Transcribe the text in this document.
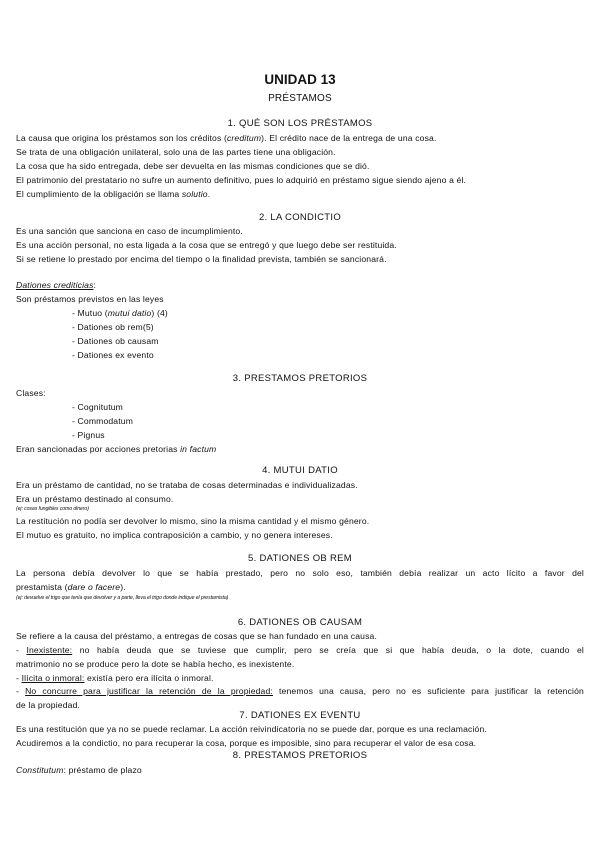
UNIDAD 13
PRÉSTAMOS
1. QUÉ SON LOS PRÉSTAMOS
La causa que origina los préstamos son los créditos (creditum). El crédito nace de la entrega de una cosa.
Se trata de una obligación unilateral, solo una de las partes tiene una obligación.
La cosa que ha sido entregada, debe ser devuelta en las mismas condiciones que se dió.
El patrimonio del prestatario no sufre un aumento definitivo, pues lo adquirió en préstamo sigue siendo ajeno a él.
El cumplimiento de la obligación se llama solutio.
2. LA CONDICTIO
Es una sanción que sanciona en caso de incumplimiento.
Es una acción personal, no esta ligada a la cosa que se entregó y que luego debe ser restituida.
Si se retiene lo prestado por encima del tiempo o la finalidad prevista, también se sancionará.
Dationes crediticias:
Son préstamos previstos en las leyes
- Mutuo (mutui datio) (4)
- Dationes ob rem(5)
- Dationes ob causam
- Dationes ex evento
3. PRESTAMOS PRETORIOS
Clases:
- Cognitutum
- Commodatum
- Pignus
Eran sancionadas por acciones pretorias in factum
4. MUTUI DATIO
Era un préstamo de cantidad, no se trataba de cosas determinadas e individualizadas.
Era un préstamo destinado al consumo.
(ej: cosas fungibles como dinero)
La restitución no podía ser devolver lo mismo, sino la misma cantidad y el mismo género.
El mutuo es gratuito, no implica contraposición a cambio, y no genera intereses.
5. DATIONES OB REM
La persona debía devolver lo que se había prestado, pero no solo eso, también debía realizar un acto lícito a favor del
prestamista (dare o facere).
(ej: devuelve el trigo que tenía que devolver y a parte, lleva el trigo donde indique el prestamista)
6. DATIONES OB CAUSAM
Se refiere a la causa del préstamo, a entregas de cosas que se han fundado en una causa.
- Inexistente: no había deuda que se tuviese que cumplir, pero se creía que si que había deuda, o la dote, cuando el
matrimonio no se produce pero la dote se había hecho, es inexistente.
- Ilícita o inmoral: existía pero era ilícita o inmoral.
- No concurre para justificar la retención de la propiedad: tenemos una causa, pero no es suficiente para justificar la retención
de la propiedad.
7. DATIONES EX EVENTU
Es una restitución que ya no se puede reclamar. La acción reivindicatoria no se puede dar, porque es una reclamación.
Acudiremos a la condictio, no para recuperar la cosa, porque es imposible, sino para recuperar el valor de esa cosa.
8. PRESTAMOS PRETORIOS
Constitutum: préstamo de plazo
